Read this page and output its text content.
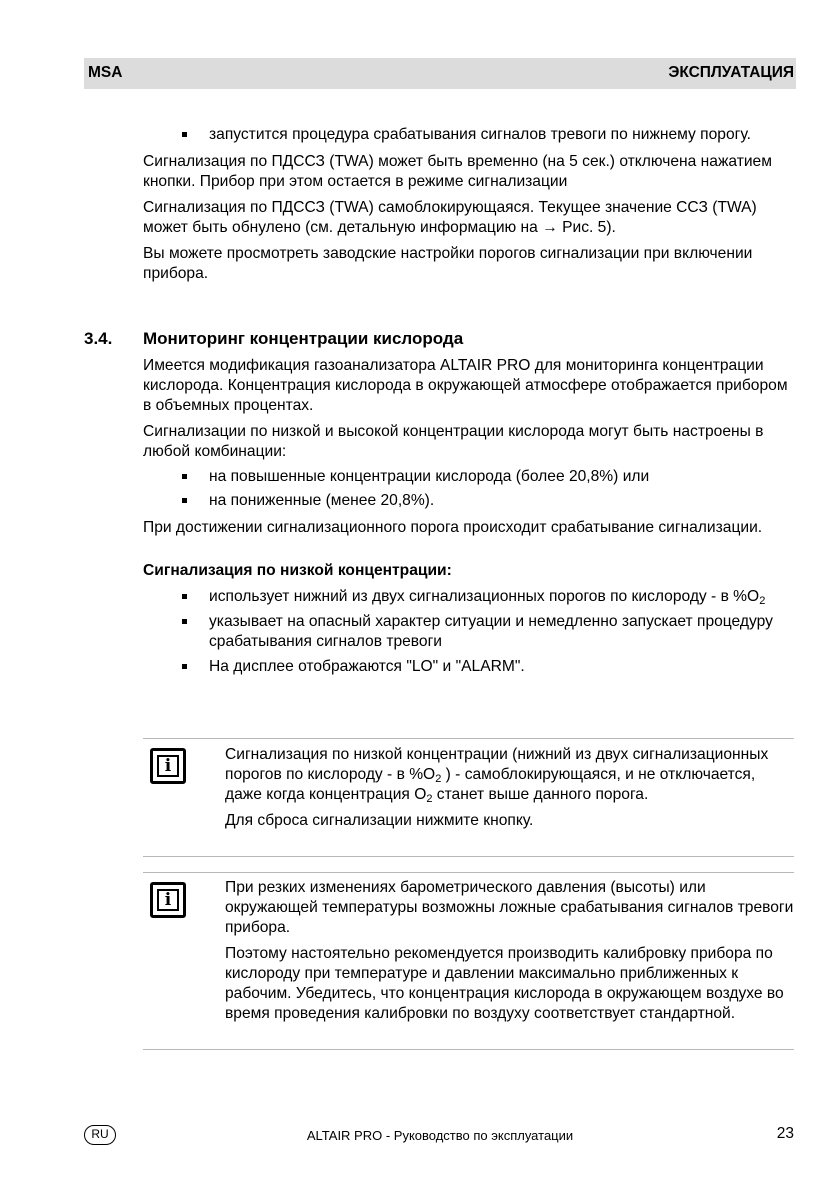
MSA	ЭКСПЛУАТАЦИЯ
запустится процедура срабатывания сигналов тревоги по нижнему порогу.

Сигнализация по ПДССЗ (TWA) может быть временно (на 5 сек.) отключена нажатием кнопки. Прибор при этом остается в режиме сигнализации

Сигнализация по ПДССЗ (TWA) самоблокирующаяся. Текущее значение ССЗ (TWA) может быть обнулено (см. детальную информацию на → Рис. 5).

Вы можете просмотреть заводские настройки порогов сигнализации при включении прибора.

3.4. Мониторинг концентрации кислорода

Имеется модификация газоанализатора ALTAIR PRO для мониторинга концентрации кислорода. Концентрация кислорода в окружающей атмосфере отображается прибором в объемных процентах.

Сигнализации по низкой и высокой концентрации кислорода могут быть настроены в любой комбинации:

на повышенные концентрации кислорода (более 20,8%) или
на пониженные (менее 20,8%).

При достижении сигнализационного порога происходит срабатывание сигнализации.

Сигнализация по низкой концентрации:

использует нижний из двух сигнализационных порогов по кислороду - в $\%O_2$
указывает на опасный характер ситуации и немедленно запускает процедуру срабатывания сигналов тревоги
На дисплее отображаются "LO" и "ALARM".
i

Сигнализация по низкой концентрации (нижний из двух сигнализационных порогов по кислороду - в $\%O_2$ ) - самоблокирующаяся, и не отключается, даже когда концентрация $O_2$ станет выше данного порога.

Для сброса сигнализации нижмите кнопку.

i

При резких изменениях барометрического давления (высоты) или окружающей температуры возможны ложные срабатывания сигналов тревоги прибора.

Поэтому настоятельно рекомендуется производить калибровку прибора по кислороду при температуре и давлении максимально приближенных к рабочим. Убедитесь, что концентрация кислорода в окружающем воздухе во время проведения калибровки по воздуху соответствует стандартной.

RU	ALTAIR PRO - Руководство по эксплуатации	23
